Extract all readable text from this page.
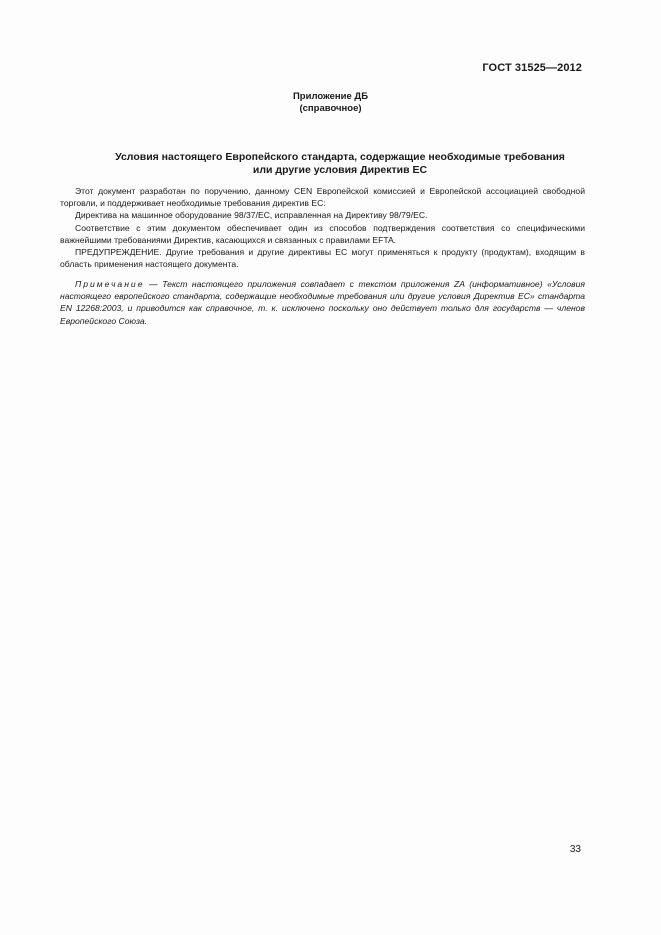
ГОСТ 31525—2012
Приложение ДБ
(справочное)
Условия настоящего Европейского стандарта, содержащие необходимые требования
или другие условия Директив ЕС

Этот документ разработан по поручению, данному CEN Европейской комиссией и Европейской ассоциацией свободной торговли, и поддерживает необходимые требования директив ЕС:

Директива на машинное оборудование 98/37/ЕС, исправленная на Директиву 98/79/ЕС.

Соответствие с этим документом обеспечивает один из способов подтверждения соответствия со специфическими важнейшими требованиями Директив, касающихся и связанных с правилами EFTA.

ПРЕДУПРЕЖДЕНИЕ. Другие требования и другие директивы ЕС могут применяться к продукту (продуктам), входящим в область применения настоящего документа.

Примечание — Текст настоящего приложения совпадает с текстом приложения ZA (информативное) «Условия настоящего европейского стандарта, содержащие необходимые требования или другие условия Директив ЕС» стандарта EN 12268:2003, и приводится как справочное, т. к. исключено поскольку оно действует только для государств — членов Европейского Союза.
33
